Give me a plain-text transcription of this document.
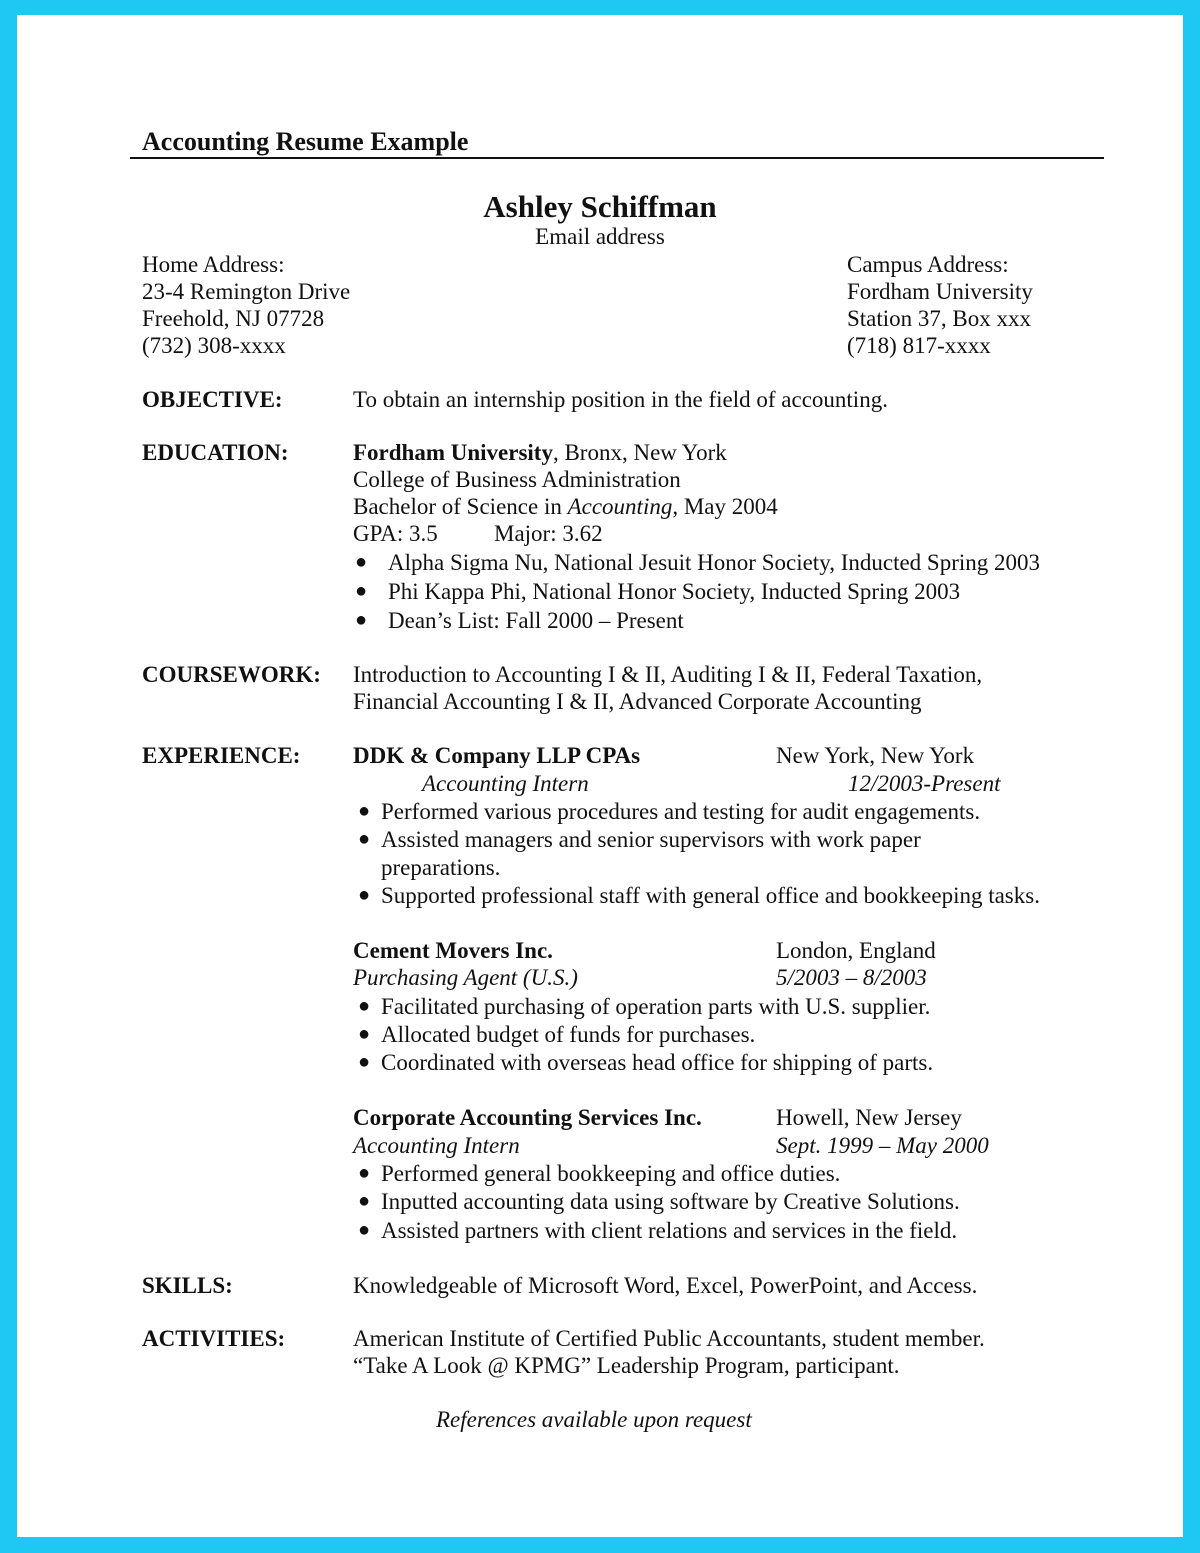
Accounting Resume Example
Ashley Schiffman
Email address
Home Address:
23-4 Remington Drive
Freehold, NJ 07728
(732) 308-xxxx
Campus Address:
Fordham University
Station 37, Box xxx
(718) 817-xxxx
OBJECTIVE:	To obtain an internship position in the field of accounting.
EDUCATION:	Fordham University, Bronx, New York
College of Business Administration
Bachelor of Science in Accounting, May 2004
GPA: 3.5 Major: 3.62
● Alpha Sigma Nu, National Jesuit Honor Society, Inducted Spring 2003
● Phi Kappa Phi, National Honor Society, Inducted Spring 2003
● Dean’s List: Fall 2000 – Present
COURSEWORK: Introduction to Accounting I & II, Auditing I & II, Federal Taxation,
Financial Accounting I & II, Advanced Corporate Accounting
EXPERIENCE: DDK & Company LLP CPAs	New York, New York
Accounting Intern	12/2003-Present
● Performed various procedures and testing for audit engagements.
● Assisted managers and senior supervisors with work paper
preparations.
● Supported professional staff with general office and bookkeeping tasks.
Cement Movers Inc.	London, England
Purchasing Agent (U.S.)	5/2003 – 8/2003
● Facilitated purchasing of operation parts with U.S. supplier.
● Allocated budget of funds for purchases.
● Coordinated with overseas head office for shipping of parts.
Corporate Accounting Services Inc.	Howell, New Jersey
Accounting Intern	Sept. 1999 – May 2000
● Performed general bookkeeping and office duties.
● Inputted accounting data using software by Creative Solutions.
● Assisted partners with client relations and services in the field.
SKILLS:	Knowledgeable of Microsoft Word, Excel, PowerPoint, and Access.
ACTIVITIES:	American Institute of Certified Public Accountants, student member.
“Take A Look @ KPMG” Leadership Program, participant.
References available upon request
